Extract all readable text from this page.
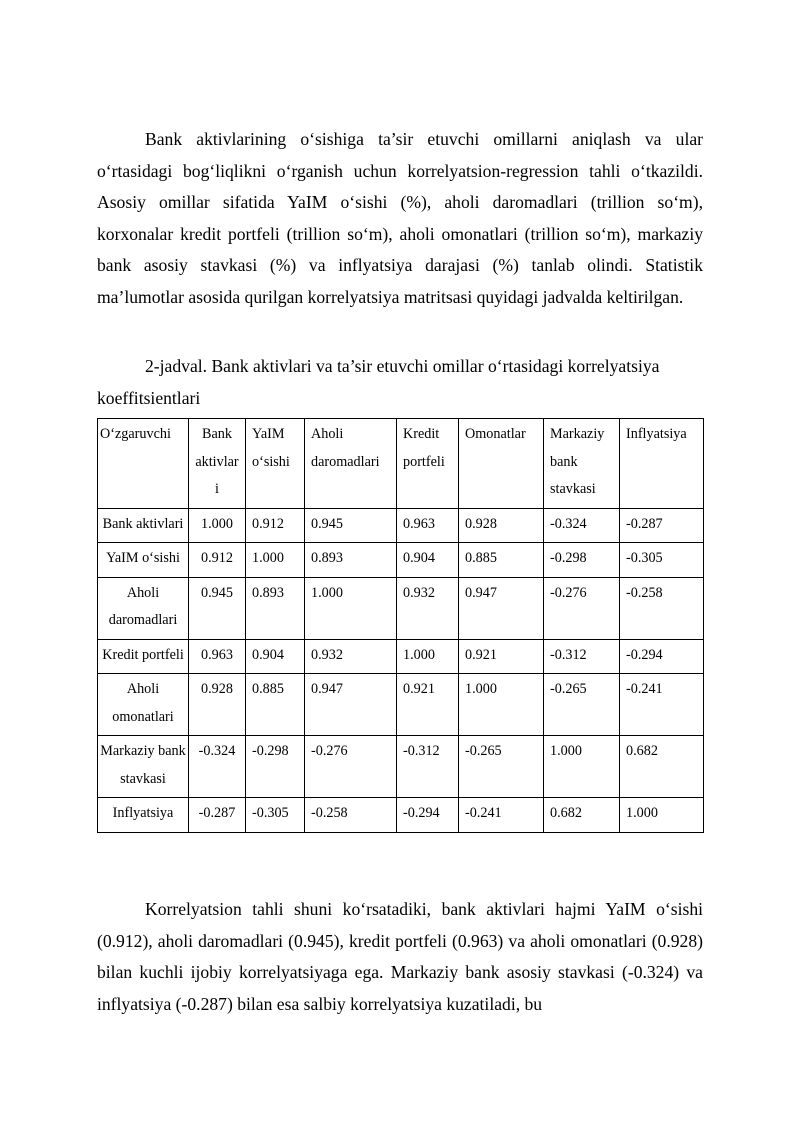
Bank aktivlarining o‘sishiga ta’sir etuvchi omillarni aniqlash va ular o‘rtasidagi bog‘liqlikni o‘rganish uchun korrelyatsion-regression tahli o‘tkazildi. Asosiy omillar sifatida YaIM o‘sishi (%), aholi daromadlari (trillion so‘m), korxonalar kredit portfeli (trillion so‘m), aholi omonatlari (trillion so‘m), markaziy bank asosiy stavkasi (%) va inflyatsiya darajasi (%) tanlab olindi. Statistik ma’lumotlar asosida qurilgan korrelyatsiya matritsasi quyidagi jadvalda keltirilgan.

2-jadval. Bank aktivlari va ta’sir etuvchi omillar o‘rtasidagi korrelyatsiya koeffitsientlari

O‘zgaruvchi	Bank aktivlari	YaIM o‘sishi	Aholi daromadlari	Kredit portfeli	Omonatlar	Markaziy bank stavkasi	Inflyatsiya
Bank aktivlari	1.000	0.912	0.945	0.963	0.928	-0.324	-0.287
YaIM o‘sishi	0.912	1.000	0.893	0.904	0.885	-0.298	-0.305
Aholi daromadlari	0.945	0.893	1.000	0.932	0.947	-0.276	-0.258
Kredit portfeli	0.963	0.904	0.932	1.000	0.921	-0.312	-0.294
Aholi omonatlari	0.928	0.885	0.947	0.921	1.000	-0.265	-0.241
Markaziy bank stavkasi	-0.324	-0.298	-0.276	-0.312	-0.265	1.000	0.682
Inflyatsiya	-0.287	-0.305	-0.258	-0.294	-0.241	0.682	1.000

Korrelyatsion tahli shuni ko‘rsatadiki, bank aktivlari hajmi YaIM o‘sishi (0.912), aholi daromadlari (0.945), kredit portfeli (0.963) va aholi omonatlari (0.928) bilan kuchli ijobiy korrelyatsiyaga ega. Markaziy bank asosiy stavkasi (-0.324) va inflyatsiya (-0.287) bilan esa salbiy korrelyatsiya kuzatiladi, bu
